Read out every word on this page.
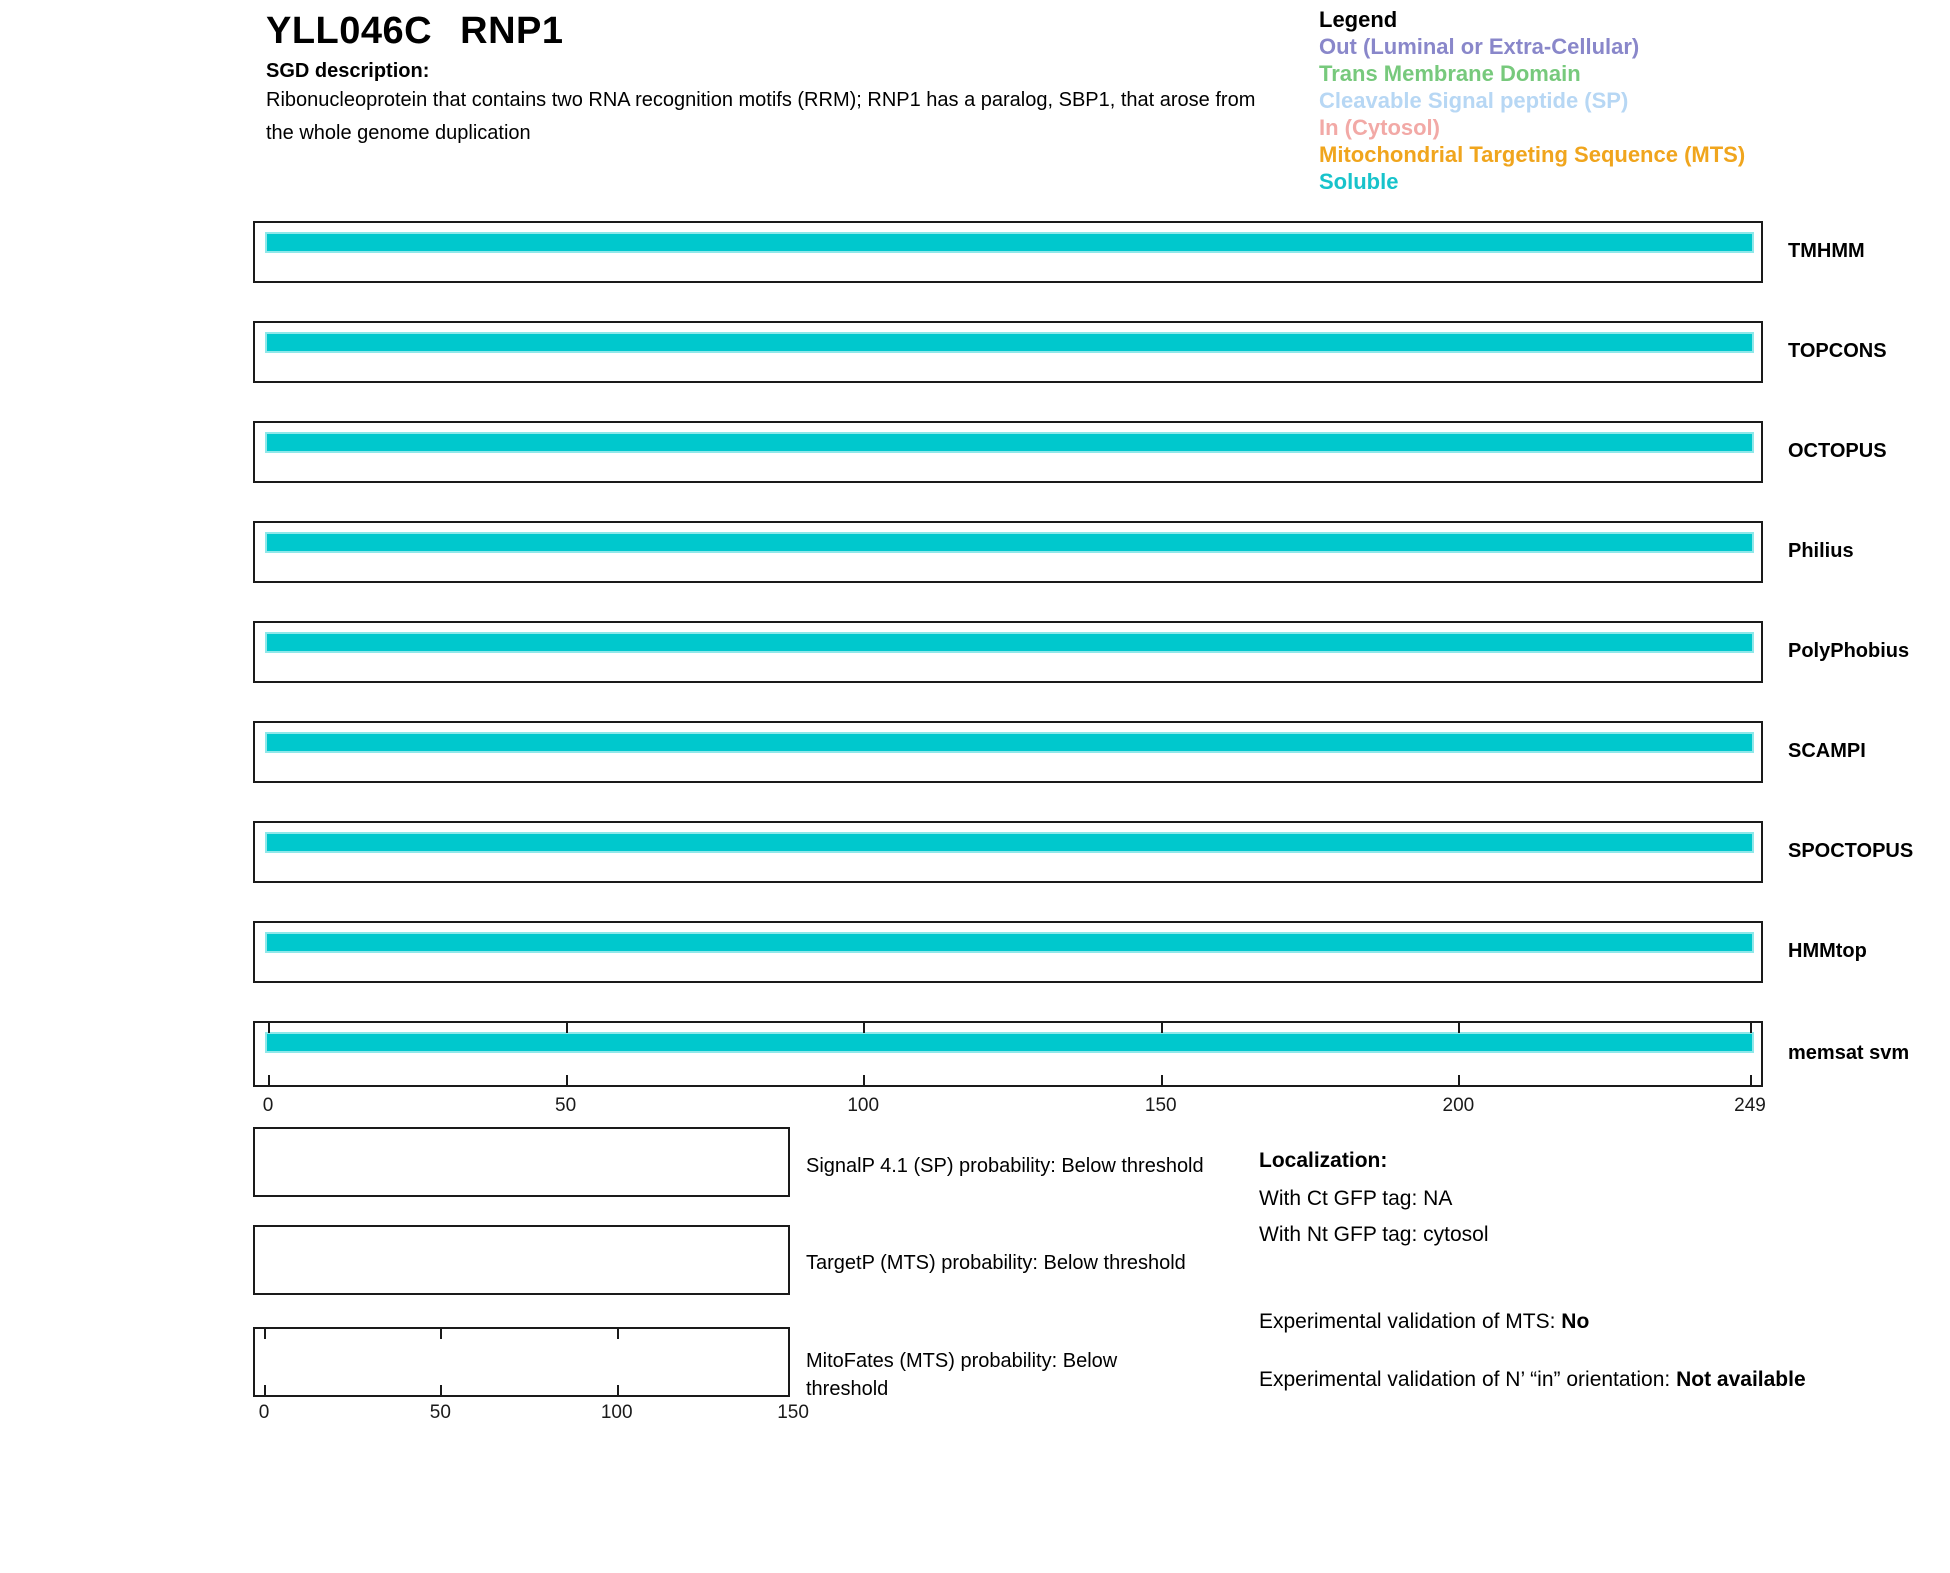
YLL046C RNP1
SGD description:
Ribonucleoprotein that contains two RNA recognition motifs (RRM); RNP1 has a paralog, SBP1, that arose from the whole genome duplication
Legend
Out (Luminal or Extra-Cellular)
Trans Membrane Domain
Cleavable Signal peptide (SP)
In (Cytosol)
Mitochondrial Targeting Sequence (MTS)
Soluble
TMHMM
TOPCONS
OCTOPUS
Philius
PolyPhobius
SCAMPI
SPOCTOPUS
HMMtop
memsat svm
0	50	100	150	200	249
SignalP 4.1 (SP) probability: Below threshold
TargetP (MTS) probability: Below threshold
MitoFates (MTS) probability: Below threshold
0	50	100	150
Localization:
With Ct GFP tag: NA
With Nt GFP tag: cytosol
Experimental validation of MTS: No
Experimental validation of N’ “in” orientation: Not available
